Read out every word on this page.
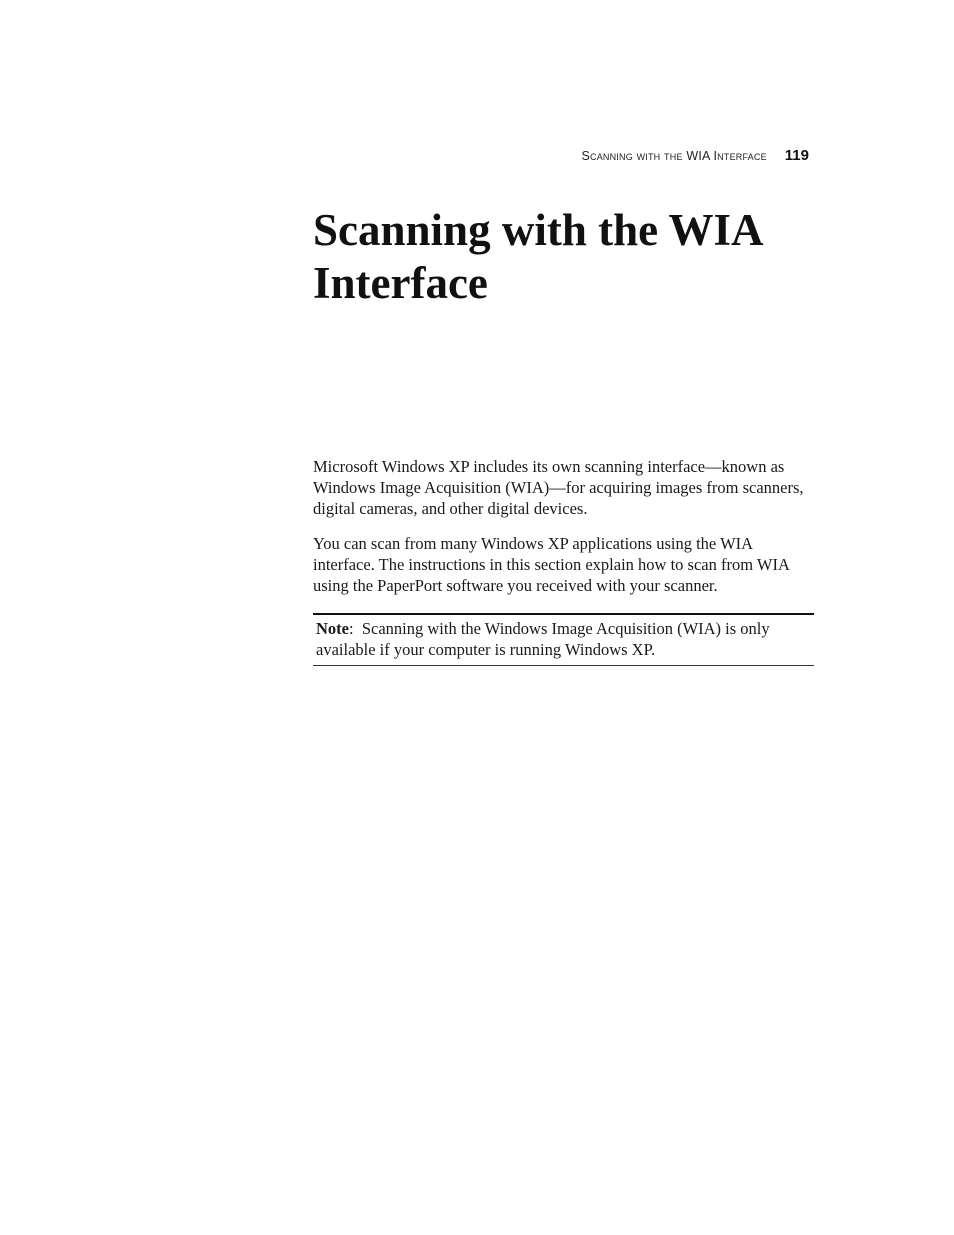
Scanning with the WIA Interface 119
Scanning with the WIA
Interface

Microsoft Windows XP includes its own scanning interface—known as Windows Image Acquisition (WIA)—for acquiring images from scanners, digital cameras, and other digital devices.

You can scan from many Windows XP applications using the WIA interface. The instructions in this section explain how to scan from WIA using the PaperPort software you received with your scanner.

Note: Scanning with the Windows Image Acquisition (WIA) is only available if your computer is running Windows XP.
